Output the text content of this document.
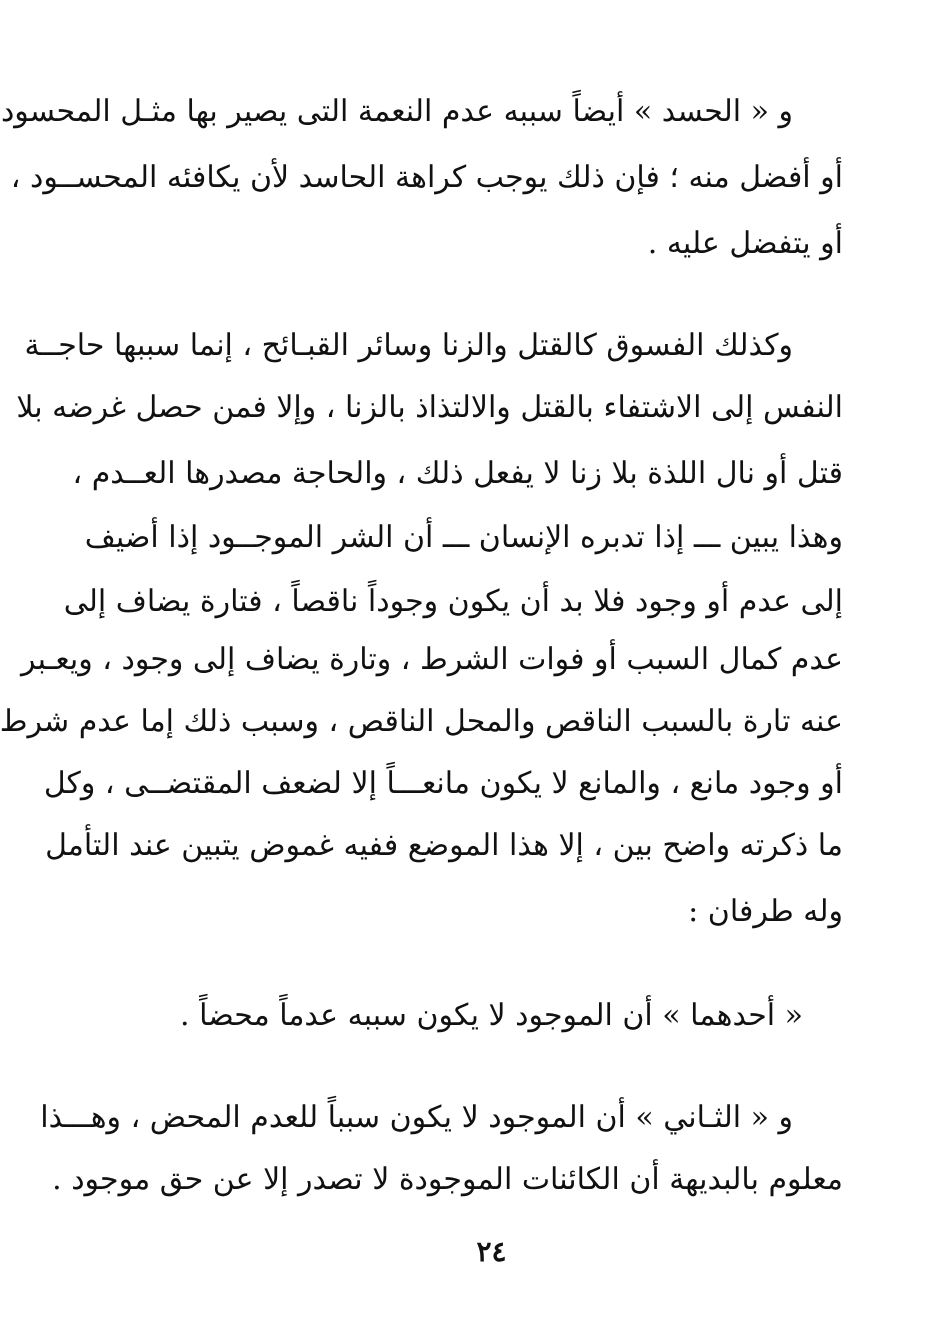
و « الحسد » أيضاً سببه عدم النعمة التى يصير بها مثـل المحسود
أو أفضل منه ؛ فإن ذلك يوجب كراهة الحاسد لأن يكافئه المحســود ،
أو يتفضل عليه .
وكذلك الفسوق كالقتل والزنا وسائر القبـائح ، إنما سببها حاجــة
النفس إلى الاشتفاء بالقتل والالتذاذ بالزنا ، وإلا فمن حصل غرضه بلا
قتل أو نال اللذة بلا زنا لا يفعل ذلك ، والحاجة مصدرها العــدم ،
وهذا يبين ـــ إذا تدبره الإنسان ـــ أن الشر الموجــود إذا أضيف
إلى عدم أو وجود فلا بد أن يكون وجوداً ناقصاً ، فتارة يضاف إلى
عدم كمال السبب أو فوات الشرط ، وتارة يضاف إلى وجود ، ويعـبر
عنه تارة بالسبب الناقص والمحل الناقص ، وسبب ذلك إما عدم شرط
أو وجود مانع ، والمانع لا يكون مانعـــاً إلا لضعف المقتضــى ، وكل
ما ذكرته واضح بين ، إلا هذا الموضع ففيه غموض يتبين عند التأمل
وله طرفان :
« أحدهما » أن الموجود لا يكون سببه عدماً محضاً .
و « الثـاني » أن الموجود لا يكون سبباً للعدم المحض ، وهـــذا
معلوم بالبديهة أن الكائنات الموجودة لا تصدر إلا عن حق موجود .
٢٤
